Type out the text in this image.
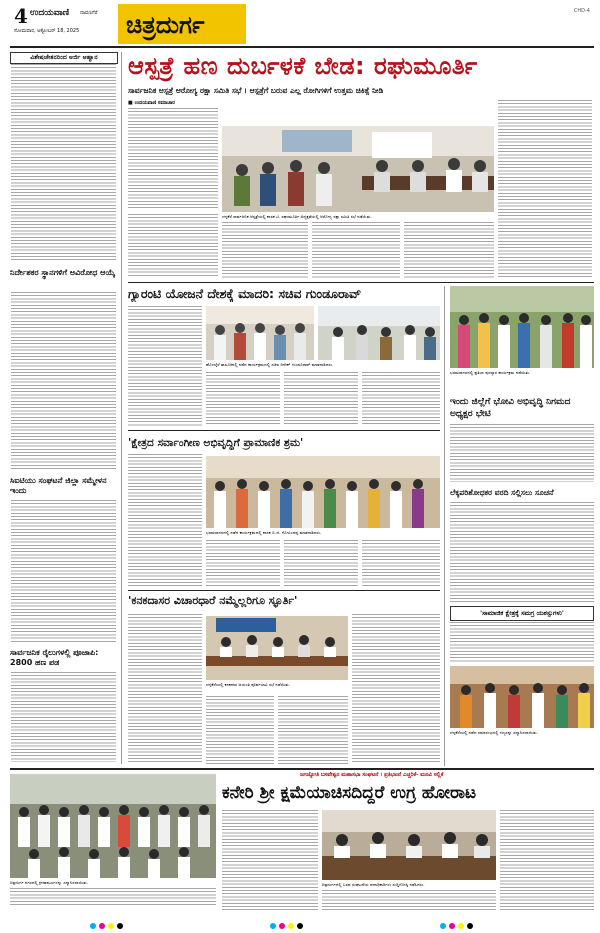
4 ಉದಯವಾಣಿ ದಾವಣಗೆರೆ
ಸೋಮವಾರ, ಅಕ್ಟೋಬರ್ 18, 2025 ಚಿತ್ರದುರ್ಗ	CHD-4
ವಿಶೇಷಚೇತನರಿಂದ ಅರ್ಜಿ ಆಹ್ವಾನ
ನಿರ್ದೇಶಕರ ಸ್ಥಾನಗಳಿಗೆ ಅವಿರೋಧ ಆಯ್ಕೆ
ಸಿಐಟಿಯು ಸಂಘಟನೆ ಜಿಲ್ಲಾ ಸಮ್ಮೇಳನ ಇಂದು
ಸಾರ್ವಜನಿಕ ರೈಲುಗಳಲ್ಲಿ ಪೂಜಾಪಿ: 2800 ಹಣ ಪಡ
ಆಸ್ಪತ್ರೆ ಹಣ ದುರ್ಬಳಕೆ ಬೇಡ: ರಘುಮೂರ್ತಿ
ಸಾರ್ವಜನಿಕ ಆಸ್ಪತ್ರೆ ಆರೋಗ್ಯ ರಕ್ಷಾ ಸಮಿತಿ ಸಭೆ । ಆಸ್ಪತ್ರೆಗೆ ಬರುವ ಎಲ್ಲ ರೋಗಿಗಳಿಗೆ ಉತ್ತಮ ಚಿಕಿತ್ಸೆ ನೀಡಿ
■ ಉದಯವಾಣಿ ಸಮಾಚಾರ
ಚಳ್ಳಕೆರೆ ಸಾರ್ವಜನಿಕ ಆಸ್ಪತ್ರೆಯಲ್ಲಿ ಶಾಸಕ ಟಿ. ರಘುಮೂರ್ತಿ ಅಧ್ಯಕ್ಷತೆಯಲ್ಲಿ ಆರೋಗ್ಯ ರಕ್ಷಾ ಸಮಿತಿ ಸಭೆ ನಡೆಯಿತು.
ಗ್ಯಾರಂಟಿ ಯೋಜನೆ ದೇಶಕ್ಕೆ ಮಾದರಿ: ಸಚಿವ ಗುಂಡೂರಾವ್
ಹೊಳಲ್ಕೆರೆ ತಾಲೂಕಿನಲ್ಲಿ ನಡೆದ ಕಾರ್ಯಕ್ರಮದಲ್ಲಿ ಸಚಿವ ದಿನೇಶ್ ಗುಂಡೂರಾವ್ ಮಾತನಾಡಿದರು.
ಭರಮಸಾಗರದಲ್ಲಿ ಪ್ರತಿಭಾ ಪುರಸ್ಕಾರ ಕಾರ್ಯಕ್ರಮ ನಡೆಯಿತು.
ಇಂದು ಜಿಲ್ಲೆಗೆ ಭೋವಿ ಅಭಿವೃದ್ಧಿ ನಿಗಮದ ಅಧ್ಯಕ್ಷರ ಭೇಟಿ
'ಕ್ಷೇತ್ರದ ಸರ್ವಾಂಗೀಣ ಅಭಿವೃದ್ಧಿಗೆ ಪ್ರಾಮಾಣಿಕ ಶ್ರಮ'
ಭರಮಸಾಗರದಲ್ಲಿ ನಡೆದ ಕಾರ್ಯಕ್ರಮದಲ್ಲಿ ಶಾಸಕ ಬಿ.ಜಿ. ಗೋವಿಂದಪ್ಪ ಮಾತನಾಡಿದರು.
ಲೆಕ್ಕಪರಿಶೋಧಕರ ವರದಿ ಸಲ್ಲಿಸಲು ಸೂಚನೆ
'ಸಾಮಾಜಿಕ ಕ್ಷೇತ್ರಕ್ಕೆ ಸಮಗ್ರ ಯಶಸ್ಸುಗಳು'
ಚಳ್ಳಕೆರೆಯಲ್ಲಿ ನಡೆದ ಸಮಾರಂಭದಲ್ಲಿ ಗಣ್ಯರನ್ನು ಸನ್ಮಾನಿಸಲಾಯಿತು.
'ಕನಕದಾಸರ ವಿಚಾರಧಾರೆ ನಮ್ಮೆಲ್ಲರಿಗೂ ಸ್ಫೂರ್ತಿ'
ಚಳ್ಳಕೆರೆಯಲ್ಲಿ ಕನಕದಾಸ ಜಯಂತಿ ಪೂರ್ವಭಾವಿ ಸಭೆ ನಡೆಯಿತು.
ಚಿತ್ರದುರ್ಗ ನಗರದಲ್ಲಿ ಕ್ರೀಡಾಪಟುಗಳನ್ನು ಸನ್ಮಾನಿಸಲಾಯಿತು.
ಜಗಜ್ಯೋತಿ ಬಸವೇಶ್ವರ ಮಹಾಸಭಾ ಸಂಘಟನೆ । ಪ್ರತಿಭಟನೆ ಎಚ್ಚರಿಕೆ- ಮನವಿ ಸಲ್ಲಿಕೆ
ಕನೇರಿ ಶ್ರೀ ಕ್ಷಮೆಯಾಚಿಸದಿದ್ದರೆ ಉಗ್ರ ಹೋರಾಟ
ಚಿತ್ರದುರ್ಗದಲ್ಲಿ ಬಸವ ಸಂಘಟನೆಯ ಪದಾಧಿಕಾರಿಗಳು ಸುದ್ದಿಗೋಷ್ಠಿ ನಡೆಸಿದರು.
